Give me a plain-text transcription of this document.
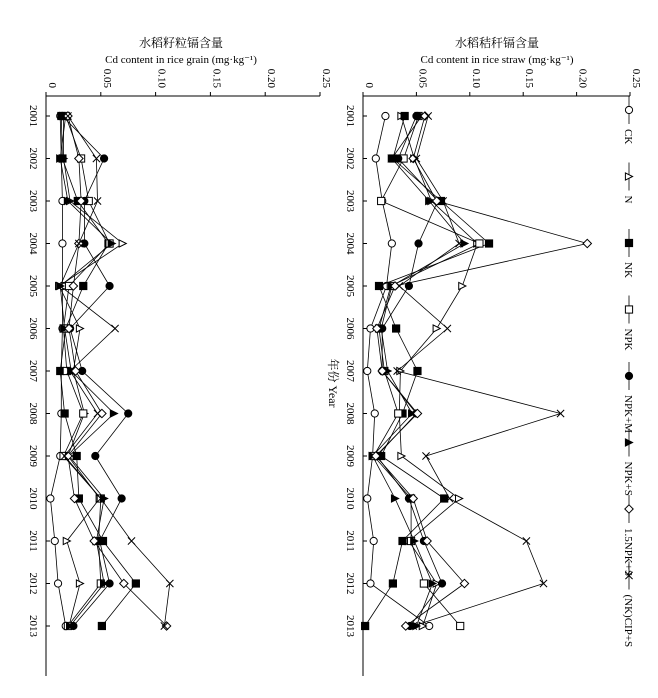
水稻籽粒镉含量
Cd content in rice grain (mg·kg⁻¹)
0	0.05	0.10	0.15	0.20	0.25
水稻秸秆镉含量
Cd content in rice straw (mg·kg⁻¹)
0	0.05	0.10	0.15	0.20	0.25
2001
2002
2003
2004
2005
2006
2007
2008
2009
2010
2011
2012
2013
2001
2002
2003
2004
2005
2006
2007
2008
2009
2010
2011
2012
2013
年份 Year
CK
N
NK
NPK
NPK+M
NPK+S
1.5NPK+S
(NK)CIP+S
